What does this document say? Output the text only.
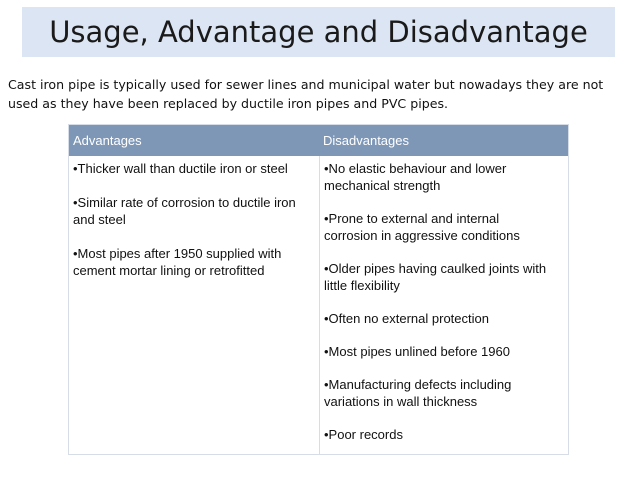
Usage, Advantage and Disadvantage
Cast iron pipe is typically used for sewer lines and municipal water but nowadays they are not used as they have been replaced by ductile iron pipes and PVC pipes.
Advantages	Disadvantages
•Thicker wall than ductile iron or steel
•Similar rate of corrosion to ductile iron
and steel
•Most pipes after 1950 supplied with
cement mortar lining or retrofitted
•No elastic behaviour and lower
mechanical strength
•Prone to external and internal
corrosion in aggressive conditions
•Older pipes having caulked joints with
little flexibility
•Often no external protection
•Most pipes unlined before 1960
•Manufacturing defects including
variations in wall thickness
•Poor records
